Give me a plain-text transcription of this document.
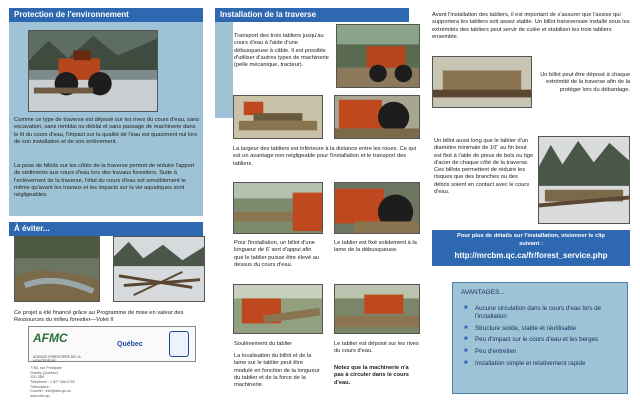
Protection de l'environnement
Comme ce type de traverse est déposé sur les rives du cours d'eau, sans excavation, sans remblai ou déblai et sans passage de machinerie dans le lit du cours d'eau, l'impact sur la qualité de l'eau est quasiment nul lors de son installation et de son enlèvement.
La pose de billots sur les côtés de la traverse permet de réduire l'apport de sédiments aux cours d'eau lors des travaux forestiers. Suite à l'enlèvement de la traverse, l'état du cours d'eau est sensiblement le même qu'avant les travaux et les impacts sur la vie aquatiques sont négligeables.
À éviter...
Ce projet a été financé grâce au Programme de mise en valeur des Ressources du milieu forestier—Volet II
AFMC
AGENCE FORESTIÈRE DE LA MONTÉRÉGIE
Québec
7765, rue Principale
Granby (Québec)
J2G 2B9
Téléphone : 1 877 066-0700
Télécopieur :
Courriel : info@afm.qc.ca
www.afm.qc
Installation de la traverse
Transport des trois tabliers jusqu'au cours d'eau à l'aide d'une débusqueuse à câble. Il est possible d'utiliser d'autres types de machinerie (pelle mécanique, tracteur).
La largeur des tabliers est inférieure à la distance entre les roues. Ce qui est un avantage non négligeable pour l'installation et le transport des tabliers.
Pour l'installation, un billot d'une longueur de 6' sert d'appui afin que le tablier puisse être élevé au dessus du cours d'eau.
Le tablier est fixé solidement à la lame de la débusqueuse.
Soulèvement du tablier
La localisation du billot et de la lame sur le tablier peut être modulé en fonction de la longueur du tablier et de la force de la machinerie.
Le tablier est déposé sur les rives du cours d'eau.
Notez que la machinerie n'a pas à circuler dans le cours d'eau.
Avant l'installation des tabliers, il est important de s'assurer que l'assise qui supportera les tabliers soit assez stable. Un billot transversale installé sous les extrémités des tabliers peut servir de culée et stabiliser les trois tabliers ensemble.
Un billot peut être déposé à chaque extrémité de la traverse afin de la protéger lors du débardage.
Un billot aussi long que le tablier d'un diamètre minimale de 10'' au fin bout est fixé à l'aide de pieux de bois ou tige d'acier de chaque côté de la traverse. Ces billots permettent de réduire les risques que des branches ou des débris soient en contact avec le cours d'eau.
Pour plus de détails sur l'installation, visionner le clip suivant :
http://mrcbm.qc.ca/fr/forest_service.php
AVANTAGES...
■ Aucune circulation dans le cours d'eau lors de l'installation
■ Structure solide, stable et réutilisable
■ Peu d'impact sur le cours d'eau et les berges
■ Peu d'entretien
■ Installation simple et relativement rapide
